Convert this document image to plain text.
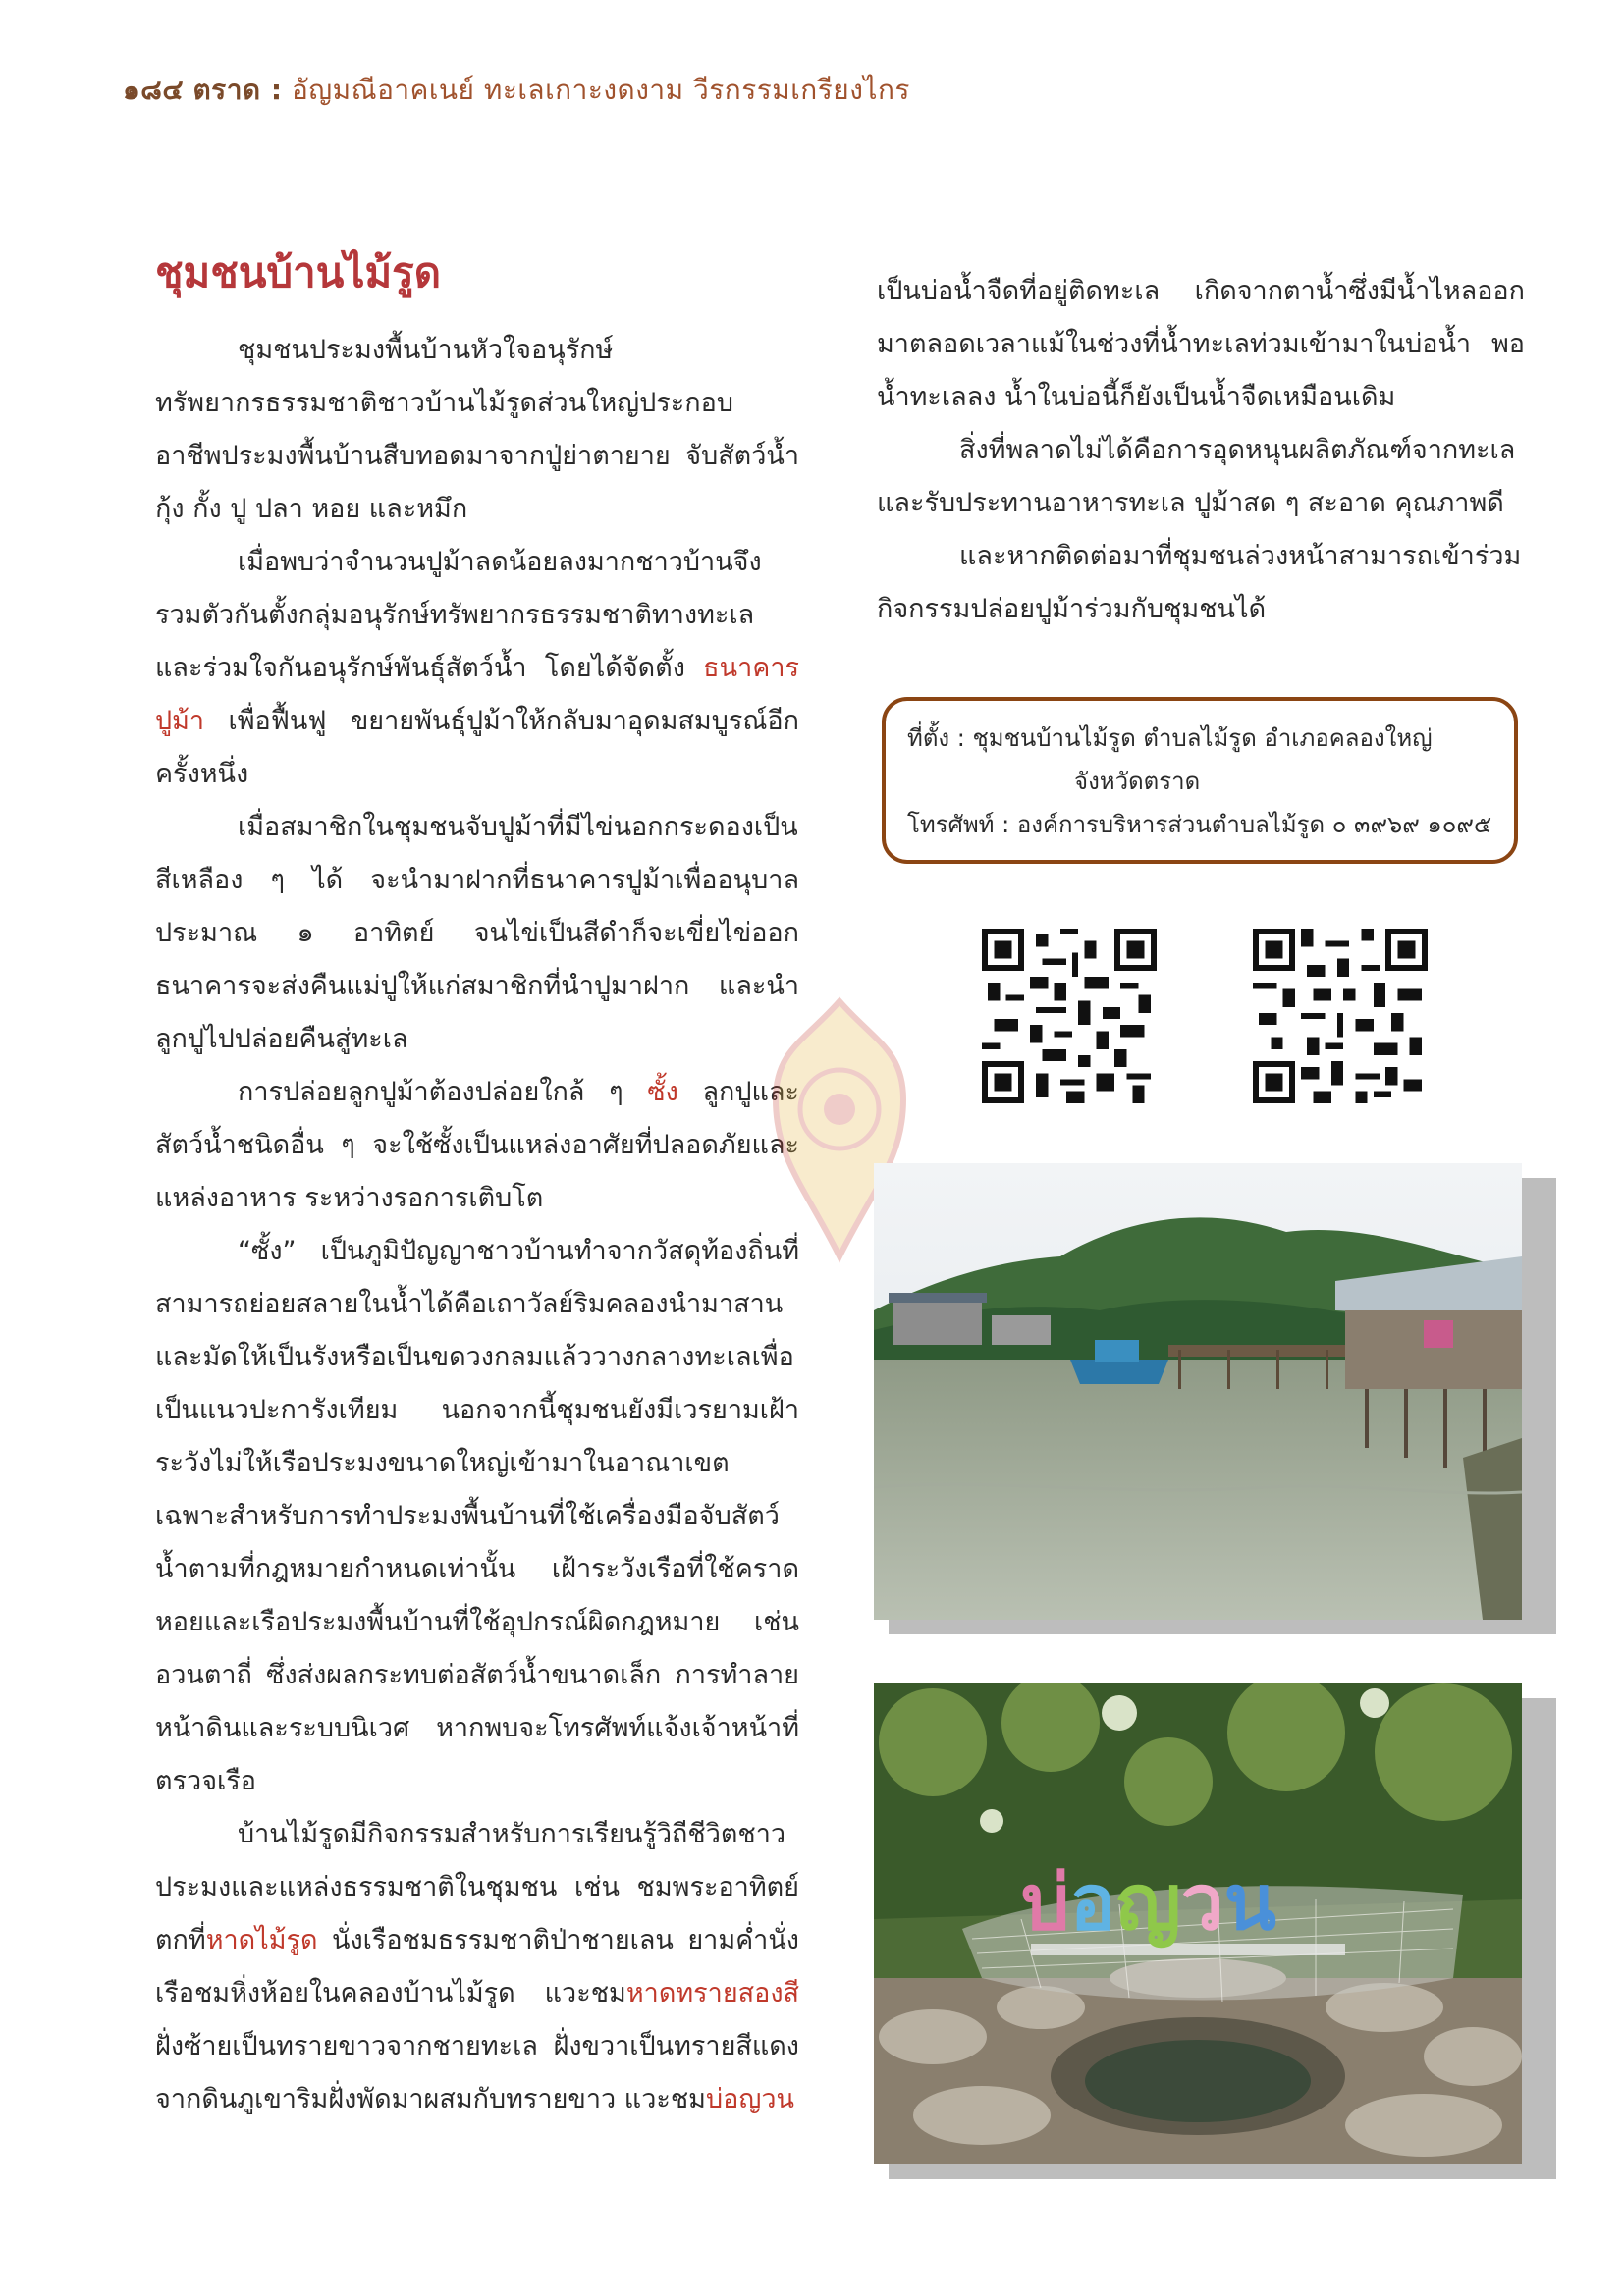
๑๘๔ ตราด : อัญมณีอาคเนย์ ทะเลเกาะงดงาม วีรกรรมเกรียงไกร
ชุมชนบ้านไม้รูด

ชุมชนประมงพื้นบ้านหัวใจอนุรักษ์ทรัพยากรธรรมชาติชาวบ้านไม้รูดส่วนใหญ่ประกอบอาชีพประมงพื้นบ้านสืบทอดมาจากปู่ย่าตายาย จับสัตว์น้ำ กุ้ง กั้ง ปู ปลา หอย และหมึก

เมื่อพบว่าจำนวนปูม้าลดน้อยลงมากชาวบ้านจึงรวมตัวกันตั้งกลุ่มอนุรักษ์ทรัพยากรธรรมชาติทางทะเลและร่วมใจกันอนุรักษ์พันธุ์สัตว์น้ำ โดยได้จัดตั้ง ธนาคารปูม้า เพื่อฟื้นฟู ขยายพันธุ์ปูม้าให้กลับมาอุดมสมบูรณ์อีกครั้งหนึ่ง

เมื่อสมาชิกในชุมชนจับปูม้าที่มีไข่นอกกระดองเป็นสีเหลือง ๆ ได้ จะนำมาฝากที่ธนาคารปูม้าเพื่ออนุบาลประมาณ ๑ อาทิตย์ จนไข่เป็นสีดำก็จะเขี่ยไข่ออก ธนาคารจะส่งคืนแม่ปูให้แก่สมาชิกที่นำปูมาฝาก และนำลูกปูไปปล่อยคืนสู่ทะเล

การปล่อยลูกปูม้าต้องปล่อยใกล้ ๆ ซั้ง ลูกปูและสัตว์น้ำชนิดอื่น ๆ จะใช้ซั้งเป็นแหล่งอาศัยที่ปลอดภัยและแหล่งอาหาร ระหว่างรอการเติบโต

“ซั้ง” เป็นภูมิปัญญาชาวบ้านทำจากวัสดุท้องถิ่นที่สามารถย่อยสลายในน้ำได้คือเถาวัลย์ริมคลองนำมาสานและมัดให้เป็นรังหรือเป็นขดวงกลมแล้ววางกลางทะเลเพื่อเป็นแนวปะการังเทียม นอกจากนี้ชุมชนยังมีเวรยามเฝ้าระวังไม่ให้เรือประมงขนาดใหญ่เข้ามาในอาณาเขตเฉพาะสำหรับการทำประมงพื้นบ้านที่ใช้เครื่องมือจับสัตว์น้ำตามที่กฎหมายกำหนดเท่านั้น เฝ้าระวังเรือที่ใช้คราดหอยและเรือประมงพื้นบ้านที่ใช้อุปกรณ์ผิดกฎหมาย เช่น อวนตาถี่ ซึ่งส่งผลกระทบต่อสัตว์น้ำขนาดเล็ก การทำลายหน้าดินและระบบนิเวศ หากพบจะโทรศัพท์แจ้งเจ้าหน้าที่ตรวจเรือ

บ้านไม้รูดมีกิจกรรมสำหรับการเรียนรู้วิถีชีวิตชาวประมงและแหล่งธรรมชาติในชุมชน เช่น ชมพระอาทิตย์ตกที่หาดไม้รูด นั่งเรือชมธรรมชาติป่าชายเลน ยามค่ำนั่งเรือชมหิ่งห้อยในคลองบ้านไม้รูด แวะชมหาดทรายสองสี ฝั่งซ้ายเป็นทรายขาวจากชายทะเล ฝั่งขวาเป็นทรายสีแดงจากดินภูเขาริมฝั่งพัดมาผสมกับทรายขาว แวะชมบ่อญวน

เป็นบ่อน้ำจืดที่อยู่ติดทะเล เกิดจากตาน้ำซึ่งมีน้ำไหลออกมาตลอดเวลาแม้ในช่วงที่น้ำทะเลท่วมเข้ามาในบ่อน้ำ พอน้ำทะเลลง น้ำในบ่อนี้ก็ยังเป็นน้ำจืดเหมือนเดิม

สิ่งที่พลาดไม่ได้คือการอุดหนุนผลิตภัณฑ์จากทะเลและรับประทานอาหารทะเล ปูม้าสด ๆ สะอาด คุณภาพดี

และหากติดต่อมาที่ชุมชนล่วงหน้าสามารถเข้าร่วมกิจกรรมปล่อยปูม้าร่วมกับชุมชนได้

ที่ตั้ง : ชุมชนบ้านไม้รูด ตำบลไม้รูด อำเภอคลองใหญ่
จังหวัดตราด
โทรศัพท์ : องค์การบริหารส่วนตำบลไม้รูด ๐ ๓๙๖๙ ๑๐๙๕
บ่อญวน
